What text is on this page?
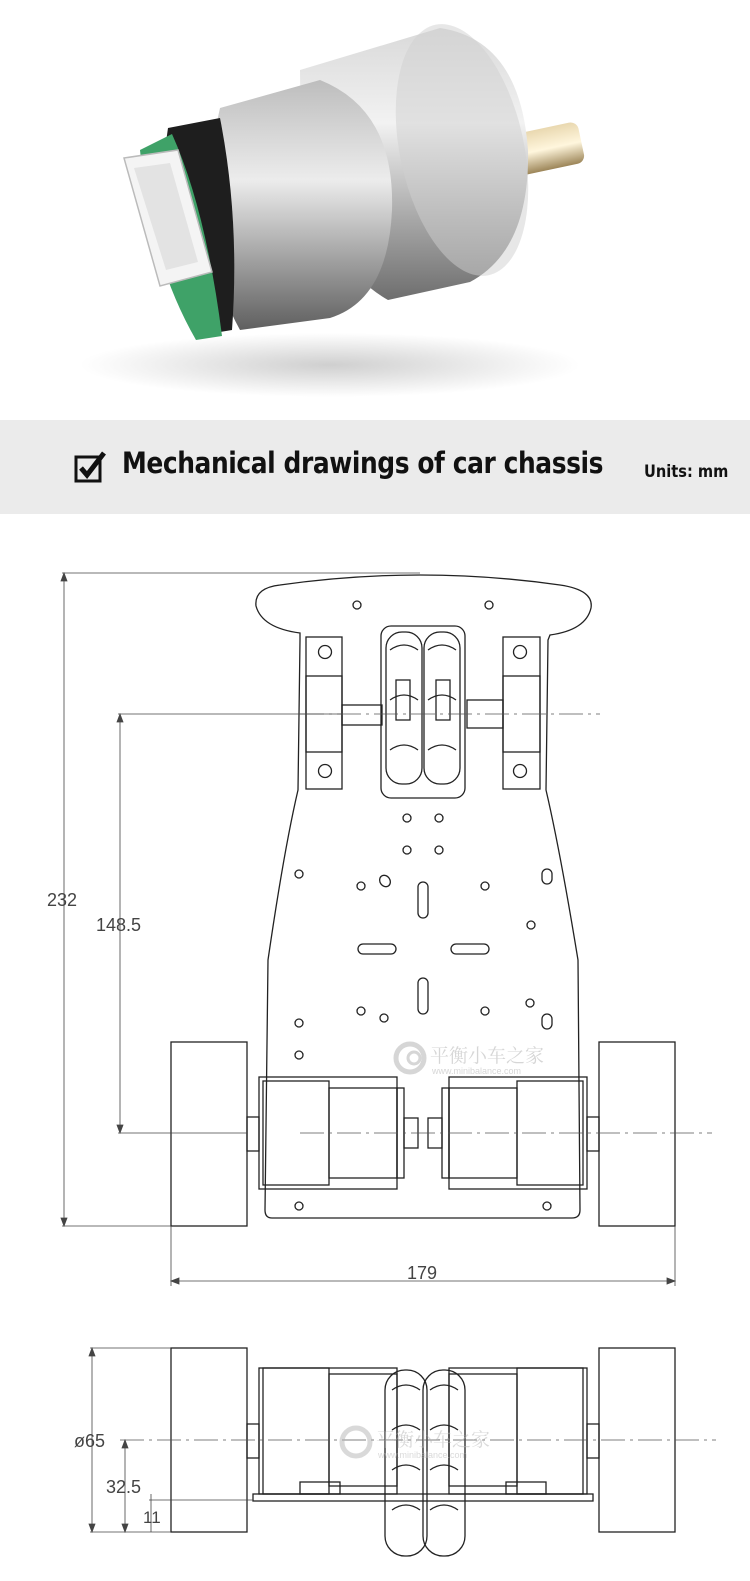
Mechanical drawings of car chassis Units: mm
232
148.5
179
平衡小车之家
www.minibalance.com
ø65
32.5
11
平衡小车之家
www.minibalance.com
